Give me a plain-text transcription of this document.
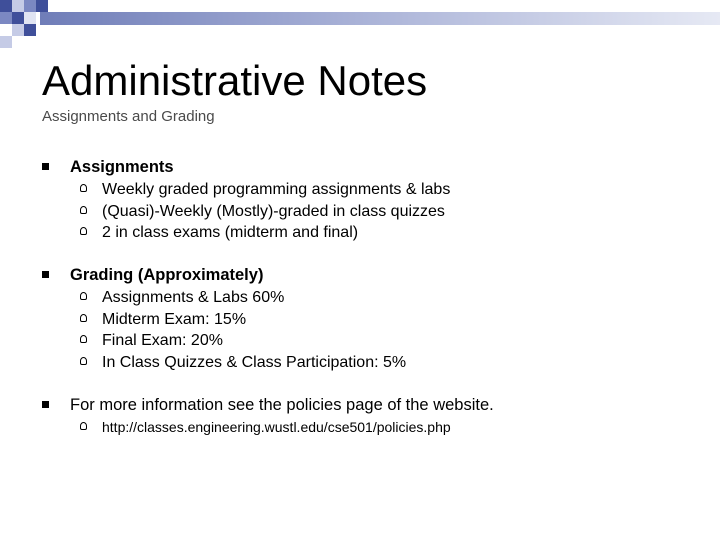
Administrative Notes
Assignments and Grading
Assignments
Weekly graded programming assignments & labs
(Quasi)-Weekly (Mostly)-graded in class quizzes
2 in class exams (midterm and final)
Grading (Approximately)
Assignments & Labs 60%
Midterm Exam: 15%
Final Exam: 20%
In Class Quizzes & Class Participation: 5%
For more information see the policies page of the website.
http://classes.engineering.wustl.edu/cse501/policies.php
